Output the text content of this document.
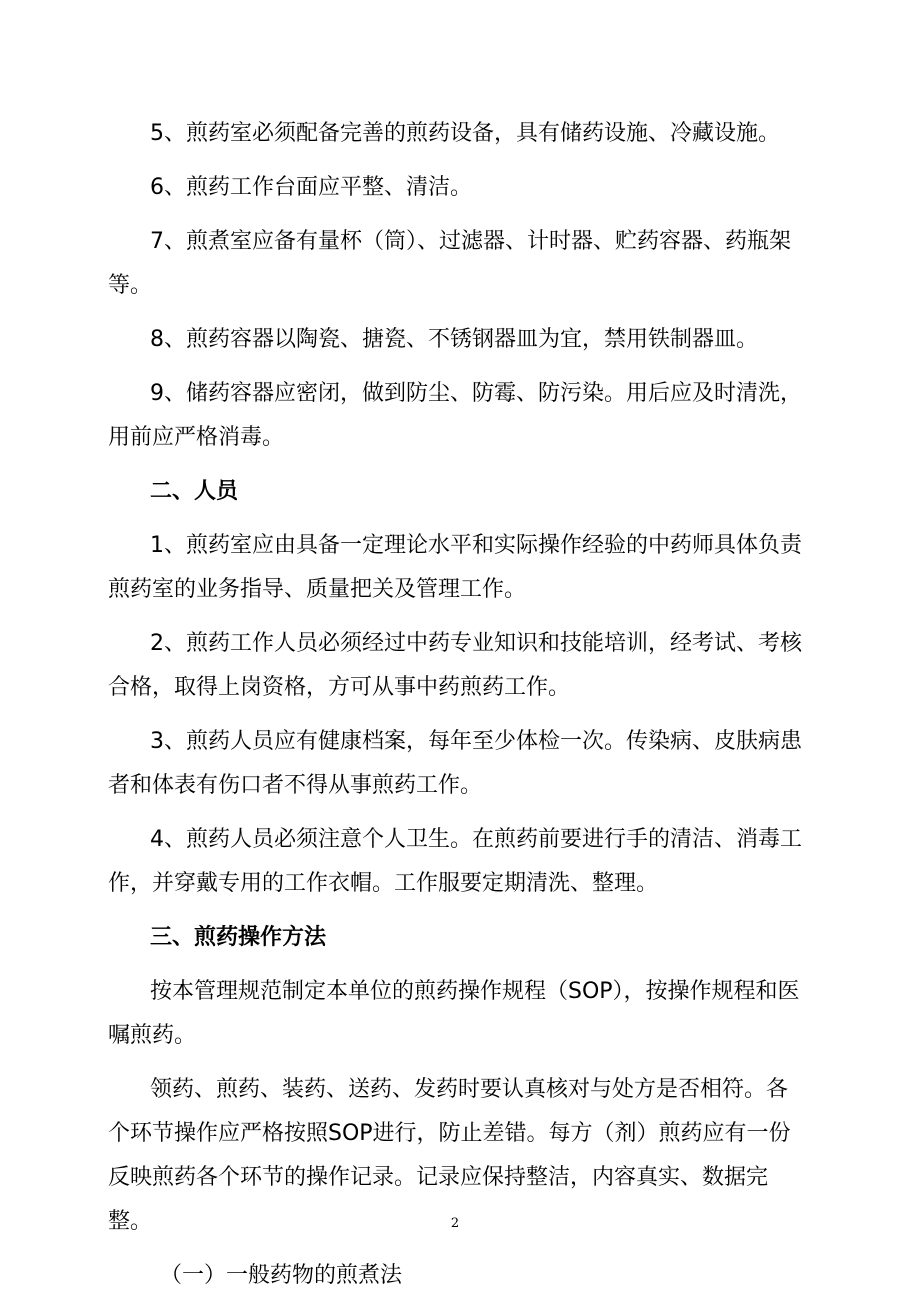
5、煎药室必须配备完善的煎药设备，具有储药设施、冷藏设施。

6、煎药工作台面应平整、清洁。

7、煎煮室应备有量杯（筒）、过滤器、计时器、贮药容器、药瓶架等。

8、煎药容器以陶瓷、搪瓷、不锈钢器皿为宜，禁用铁制器皿。

9、储药容器应密闭，做到防尘、防霉、防污染。用后应及时清洗，用前应严格消毒。

二、人员

1、煎药室应由具备一定理论水平和实际操作经验的中药师具体负责煎药室的业务指导、质量把关及管理工作。

2、煎药工作人员必须经过中药专业知识和技能培训，经考试、考核合格，取得上岗资格，方可从事中药煎药工作。

3、煎药人员应有健康档案，每年至少体检一次。传染病、皮肤病患者和体表有伤口者不得从事煎药工作。

4、煎药人员必须注意个人卫生。在煎药前要进行手的清洁、消毒工作，并穿戴专用的工作衣帽。工作服要定期清洗、整理。

三、煎药操作方法

按本管理规范制定本单位的煎药操作规程（SOP），按操作规程和医嘱煎药。

领药、煎药、装药、送药、发药时要认真核对与处方是否相符。各个环节操作应严格按照SOP进行，防止差错。每方（剂）煎药应有一份反映煎药各个环节的操作记录。记录应保持整洁，内容真实、数据完整。

（一）一般药物的煎煮法

2
